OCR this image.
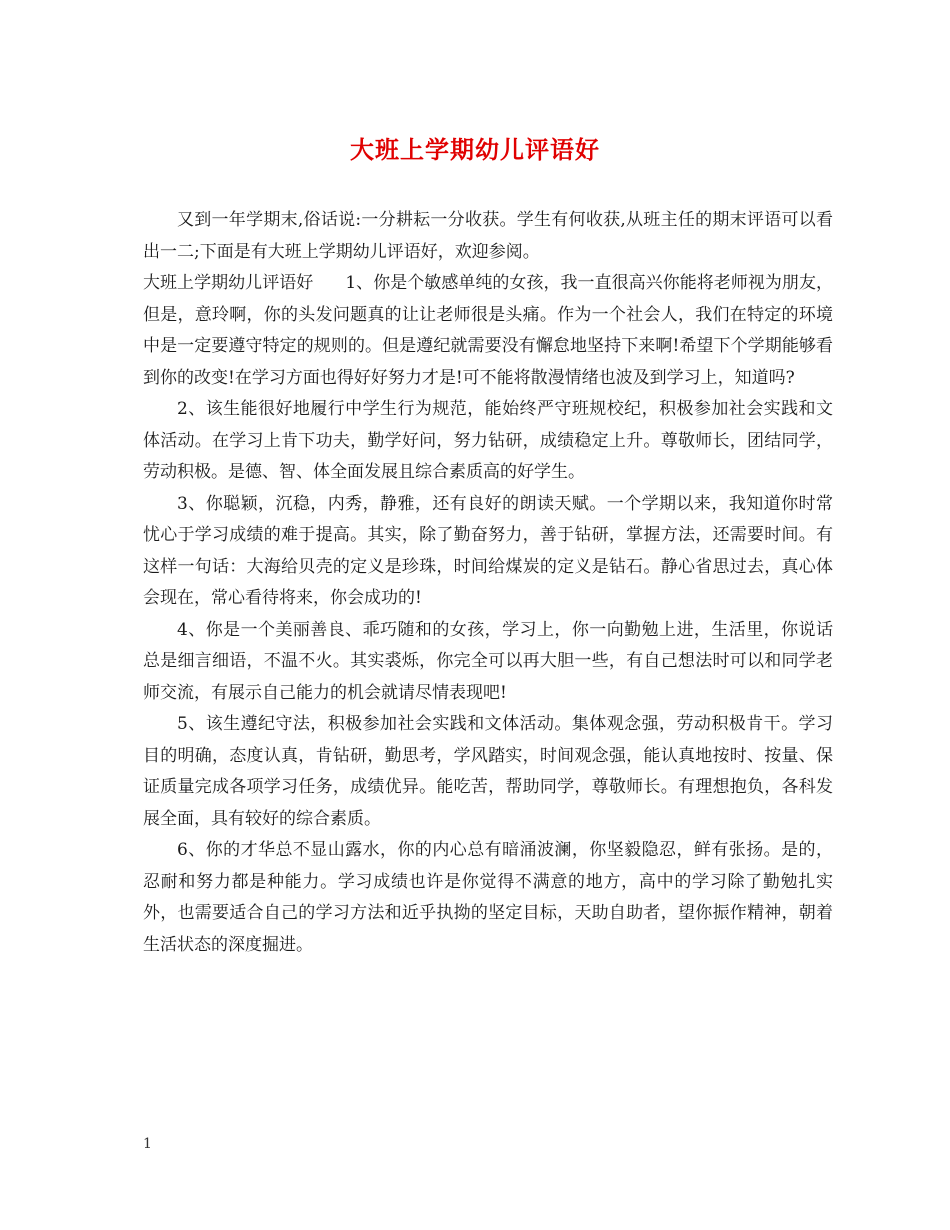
大班上学期幼儿评语好

又到一年学期末,俗话说:一分耕耘一分收获。学生有何收获,从班主任的期末评语可以看出一二;下面是有大班上学期幼儿评语好，欢迎参阅。

大班上学期幼儿评语好 1、你是个敏感单纯的女孩，我一直很高兴你能将老师视为朋友，但是，意玲啊，你的头发问题真的让让老师很是头痛。作为一个社会人，我们在特定的环境中是一定要遵守特定的规则的。但是遵纪就需要没有懈怠地坚持下来啊!希望下个学期能够看到你的改变!在学习方面也得好好努力才是!可不能将散漫情绪也波及到学习上，知道吗?

2、该生能很好地履行中学生行为规范，能始终严守班规校纪，积极参加社会实践和文体活动。在学习上肯下功夫，勤学好问，努力钻研，成绩稳定上升。尊敬师长，团结同学，劳动积极。是德、智、体全面发展且综合素质高的好学生。

3、你聪颖，沉稳，内秀，静雅，还有良好的朗读天赋。一个学期以来，我知道你时常忧心于学习成绩的难于提高。其实，除了勤奋努力，善于钻研，掌握方法，还需要时间。有这样一句话：大海给贝壳的定义是珍珠，时间给煤炭的定义是钻石。静心省思过去，真心体会现在，常心看待将来，你会成功的!

4、你是一个美丽善良、乖巧随和的女孩，学习上，你一向勤勉上进，生活里，你说话总是细言细语，不温不火。其实裘烁，你完全可以再大胆一些，有自己想法时可以和同学老师交流，有展示自己能力的机会就请尽情表现吧!

5、该生遵纪守法，积极参加社会实践和文体活动。集体观念强，劳动积极肯干。学习目的明确，态度认真，肯钻研，勤思考，学风踏实，时间观念强，能认真地按时、按量、保证质量完成各项学习任务，成绩优异。能吃苦，帮助同学，尊敬师长。有理想抱负，各科发展全面，具有较好的综合素质。

6、你的才华总不显山露水，你的内心总有暗涌波澜，你坚毅隐忍，鲜有张扬。是的，忍耐和努力都是种能力。学习成绩也许是你觉得不满意的地方，高中的学习除了勤勉扎实外，也需要适合自己的学习方法和近乎执拗的坚定目标，天助自助者，望你振作精神，朝着生活状态的深度掘进。

1
